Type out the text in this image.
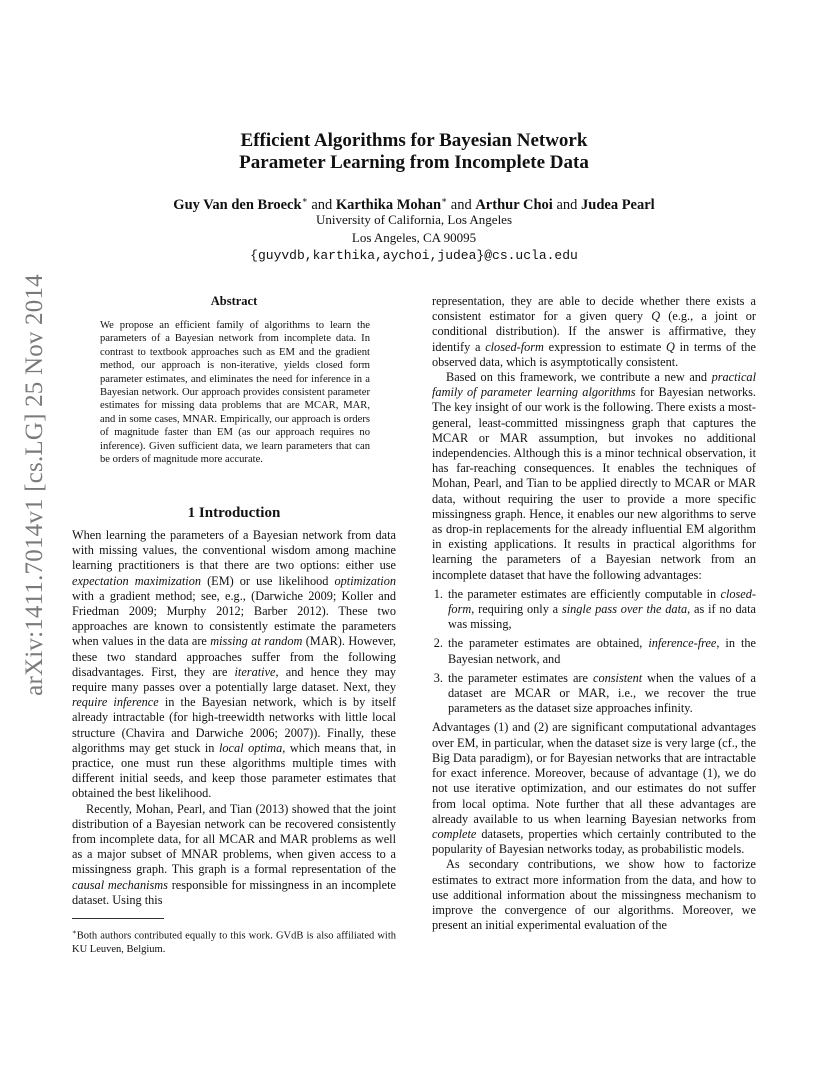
arXiv:1411.7014v1 [cs.LG] 25 Nov 2014
Efficient Algorithms for Bayesian Network
Parameter Learning from Incomplete Data
Guy Van den Broeck∗ and Karthika Mohan∗ and Arthur Choi and Judea Pearl
University of California, Los Angeles
Los Angeles, CA 90095
{guyvdb,karthika,aychoi,judea}@cs.ucla.edu
Abstract
We propose an efficient family of algorithms to learn the parameters of a Bayesian network from incomplete data. In contrast to textbook approaches such as EM and the gradient method, our approach is non-iterative, yields closed form parameter estimates, and eliminates the need for inference in a Bayesian network. Our approach provides consistent parameter estimates for missing data problems that are MCAR, MAR, and in some cases, MNAR. Empirically, our approach is orders of magnitude faster than EM (as our approach requires no inference). Given sufficient data, we learn parameters that can be orders of magnitude more accurate.
1 Introduction

When learning the parameters of a Bayesian network from data with missing values, the conventional wisdom among machine learning practitioners is that there are two options: either use expectation maximization (EM) or use likelihood optimization with a gradient method; see, e.g., (Darwiche 2009; Koller and Friedman 2009; Murphy 2012; Barber 2012). These two approaches are known to consistently estimate the parameters when values in the data are missing at random (MAR). However, these two standard approaches suffer from the following disadvantages. First, they are iterative, and hence they may require many passes over a potentially large dataset. Next, they require inference in the Bayesian network, which is by itself already intractable (for high-treewidth networks with little local structure (Chavira and Darwiche 2006; 2007)). Finally, these algorithms may get stuck in local optima, which means that, in practice, one must run these algorithms multiple times with different initial seeds, and keep those parameter estimates that obtained the best likelihood.

Recently, Mohan, Pearl, and Tian (2013) showed that the joint distribution of a Bayesian network can be recovered consistently from incomplete data, for all MCAR and MAR problems as well as a major subset of MNAR problems, when given access to a missingness graph. This graph is a formal representation of the causal mechanisms responsible for missingness in an incomplete dataset. Using this

∗Both authors contributed equally to this work. GVdB is also affiliated with KU Leuven, Belgium.

representation, they are able to decide whether there exists a consistent estimator for a given query Q (e.g., a joint or conditional distribution). If the answer is affirmative, they identify a closed-form expression to estimate Q in terms of the observed data, which is asymptotically consistent.

Based on this framework, we contribute a new and practical family of parameter learning algorithms for Bayesian networks. The key insight of our work is the following. There exists a most-general, least-committed missingness graph that captures the MCAR or MAR assumption, but invokes no additional independencies. Although this is a minor technical observation, it has far-reaching consequences. It enables the techniques of Mohan, Pearl, and Tian to be applied directly to MCAR or MAR data, without requiring the user to provide a more specific missingness graph. Hence, it enables our new algorithms to serve as drop-in replacements for the already influential EM algorithm in existing applications. It results in practical algorithms for learning the parameters of a Bayesian network from an incomplete dataset that have the following advantages:

1. the parameter estimates are efficiently computable in closed-form, requiring only a single pass over the data, as if no data was missing,
2. the parameter estimates are obtained, inference-free, in the Bayesian network, and
3. the parameter estimates are consistent when the values of a dataset are MCAR or MAR, i.e., we recover the true parameters as the dataset size approaches infinity.

Advantages (1) and (2) are significant computational advantages over EM, in particular, when the dataset size is very large (cf., the Big Data paradigm), or for Bayesian networks that are intractable for exact inference. Moreover, because of advantage (1), we do not use iterative optimization, and our estimates do not suffer from local optima. Note further that all these advantages are already available to us when learning Bayesian networks from complete datasets, properties which certainly contributed to the popularity of Bayesian networks today, as probabilistic models.

As secondary contributions, we show how to factorize estimates to extract more information from the data, and how to use additional information about the missingness mechanism to improve the convergence of our algorithms. Moreover, we present an initial experimental evaluation of the
